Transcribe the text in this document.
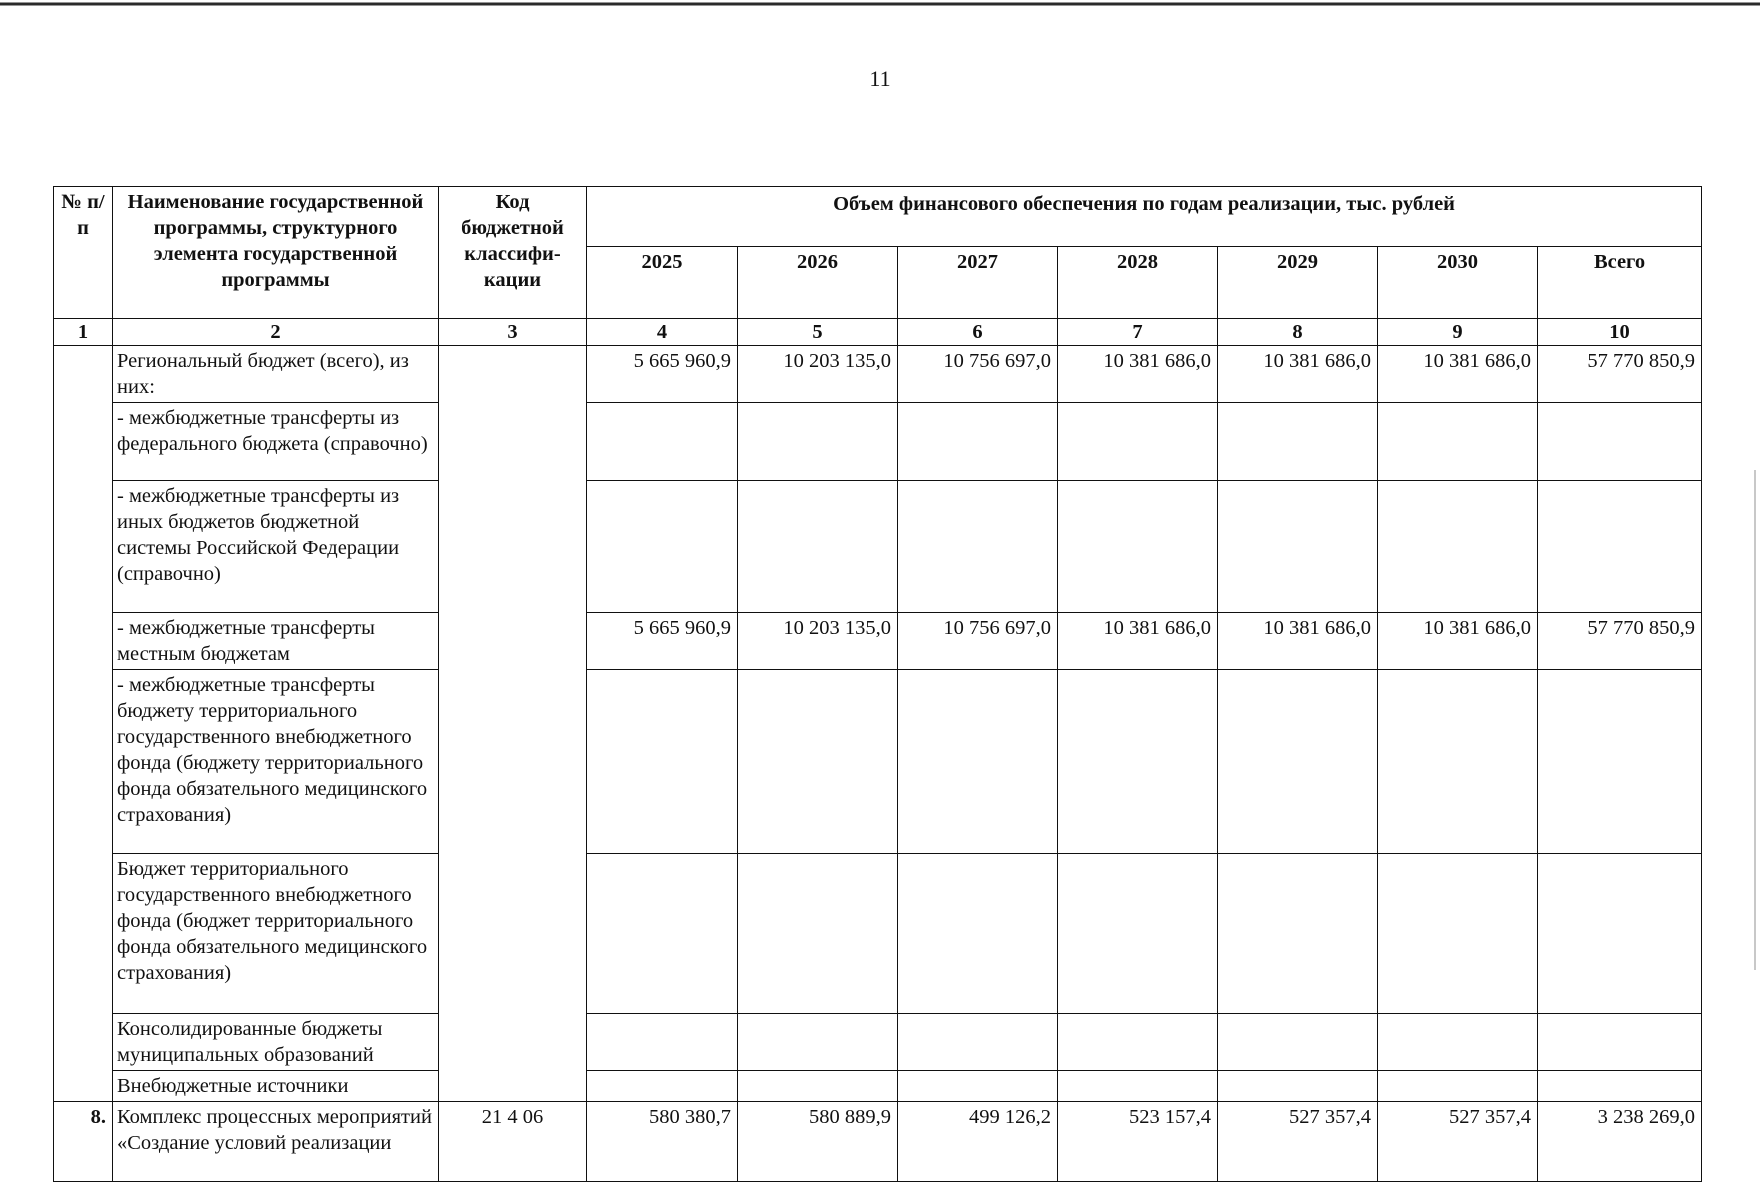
11
№ п/п	Наименование государственной программы, структурного элемента государственной программы	Код бюджетной классифи-кации	Объем финансового обеспечения по годам реализации, тыс. рублей						
			2025	2026	2027	2028	2029	2030	Всего
1	2	3	4	5	6	7	8	9	10
	Региональный бюджет (всего), из них:		5 665 960,9	10 203 135,0	10 756 697,0	10 381 686,0	10 381 686,0	10 381 686,0	57 770 850,9
	- межбюджетные трансферты из федерального бюджета (справочно)								
	- межбюджетные трансферты из иных бюджетов бюджетной системы Российской Федерации (справочно)								
	- межбюджетные трансферты местным бюджетам		5 665 960,9	10 203 135,0	10 756 697,0	10 381 686,0	10 381 686,0	10 381 686,0	57 770 850,9
	- межбюджетные трансферты бюджету территориального государственного внебюджетного фонда (бюджету территориального фонда обязательного медицинского страхования)								
	Бюджет территориального государственного внебюджетного фонда (бюджет территориального фонда обязательного медицинского страхования)								
	Консолидированные бюджеты муниципальных образований								
	Внебюджетные источники								
8.	Комплекс процессных мероприятий «Создание условий реализации	21 4 06	580 380,7	580 889,9	499 126,2	523 157,4	527 357,4	527 357,4	3 238 269,0
